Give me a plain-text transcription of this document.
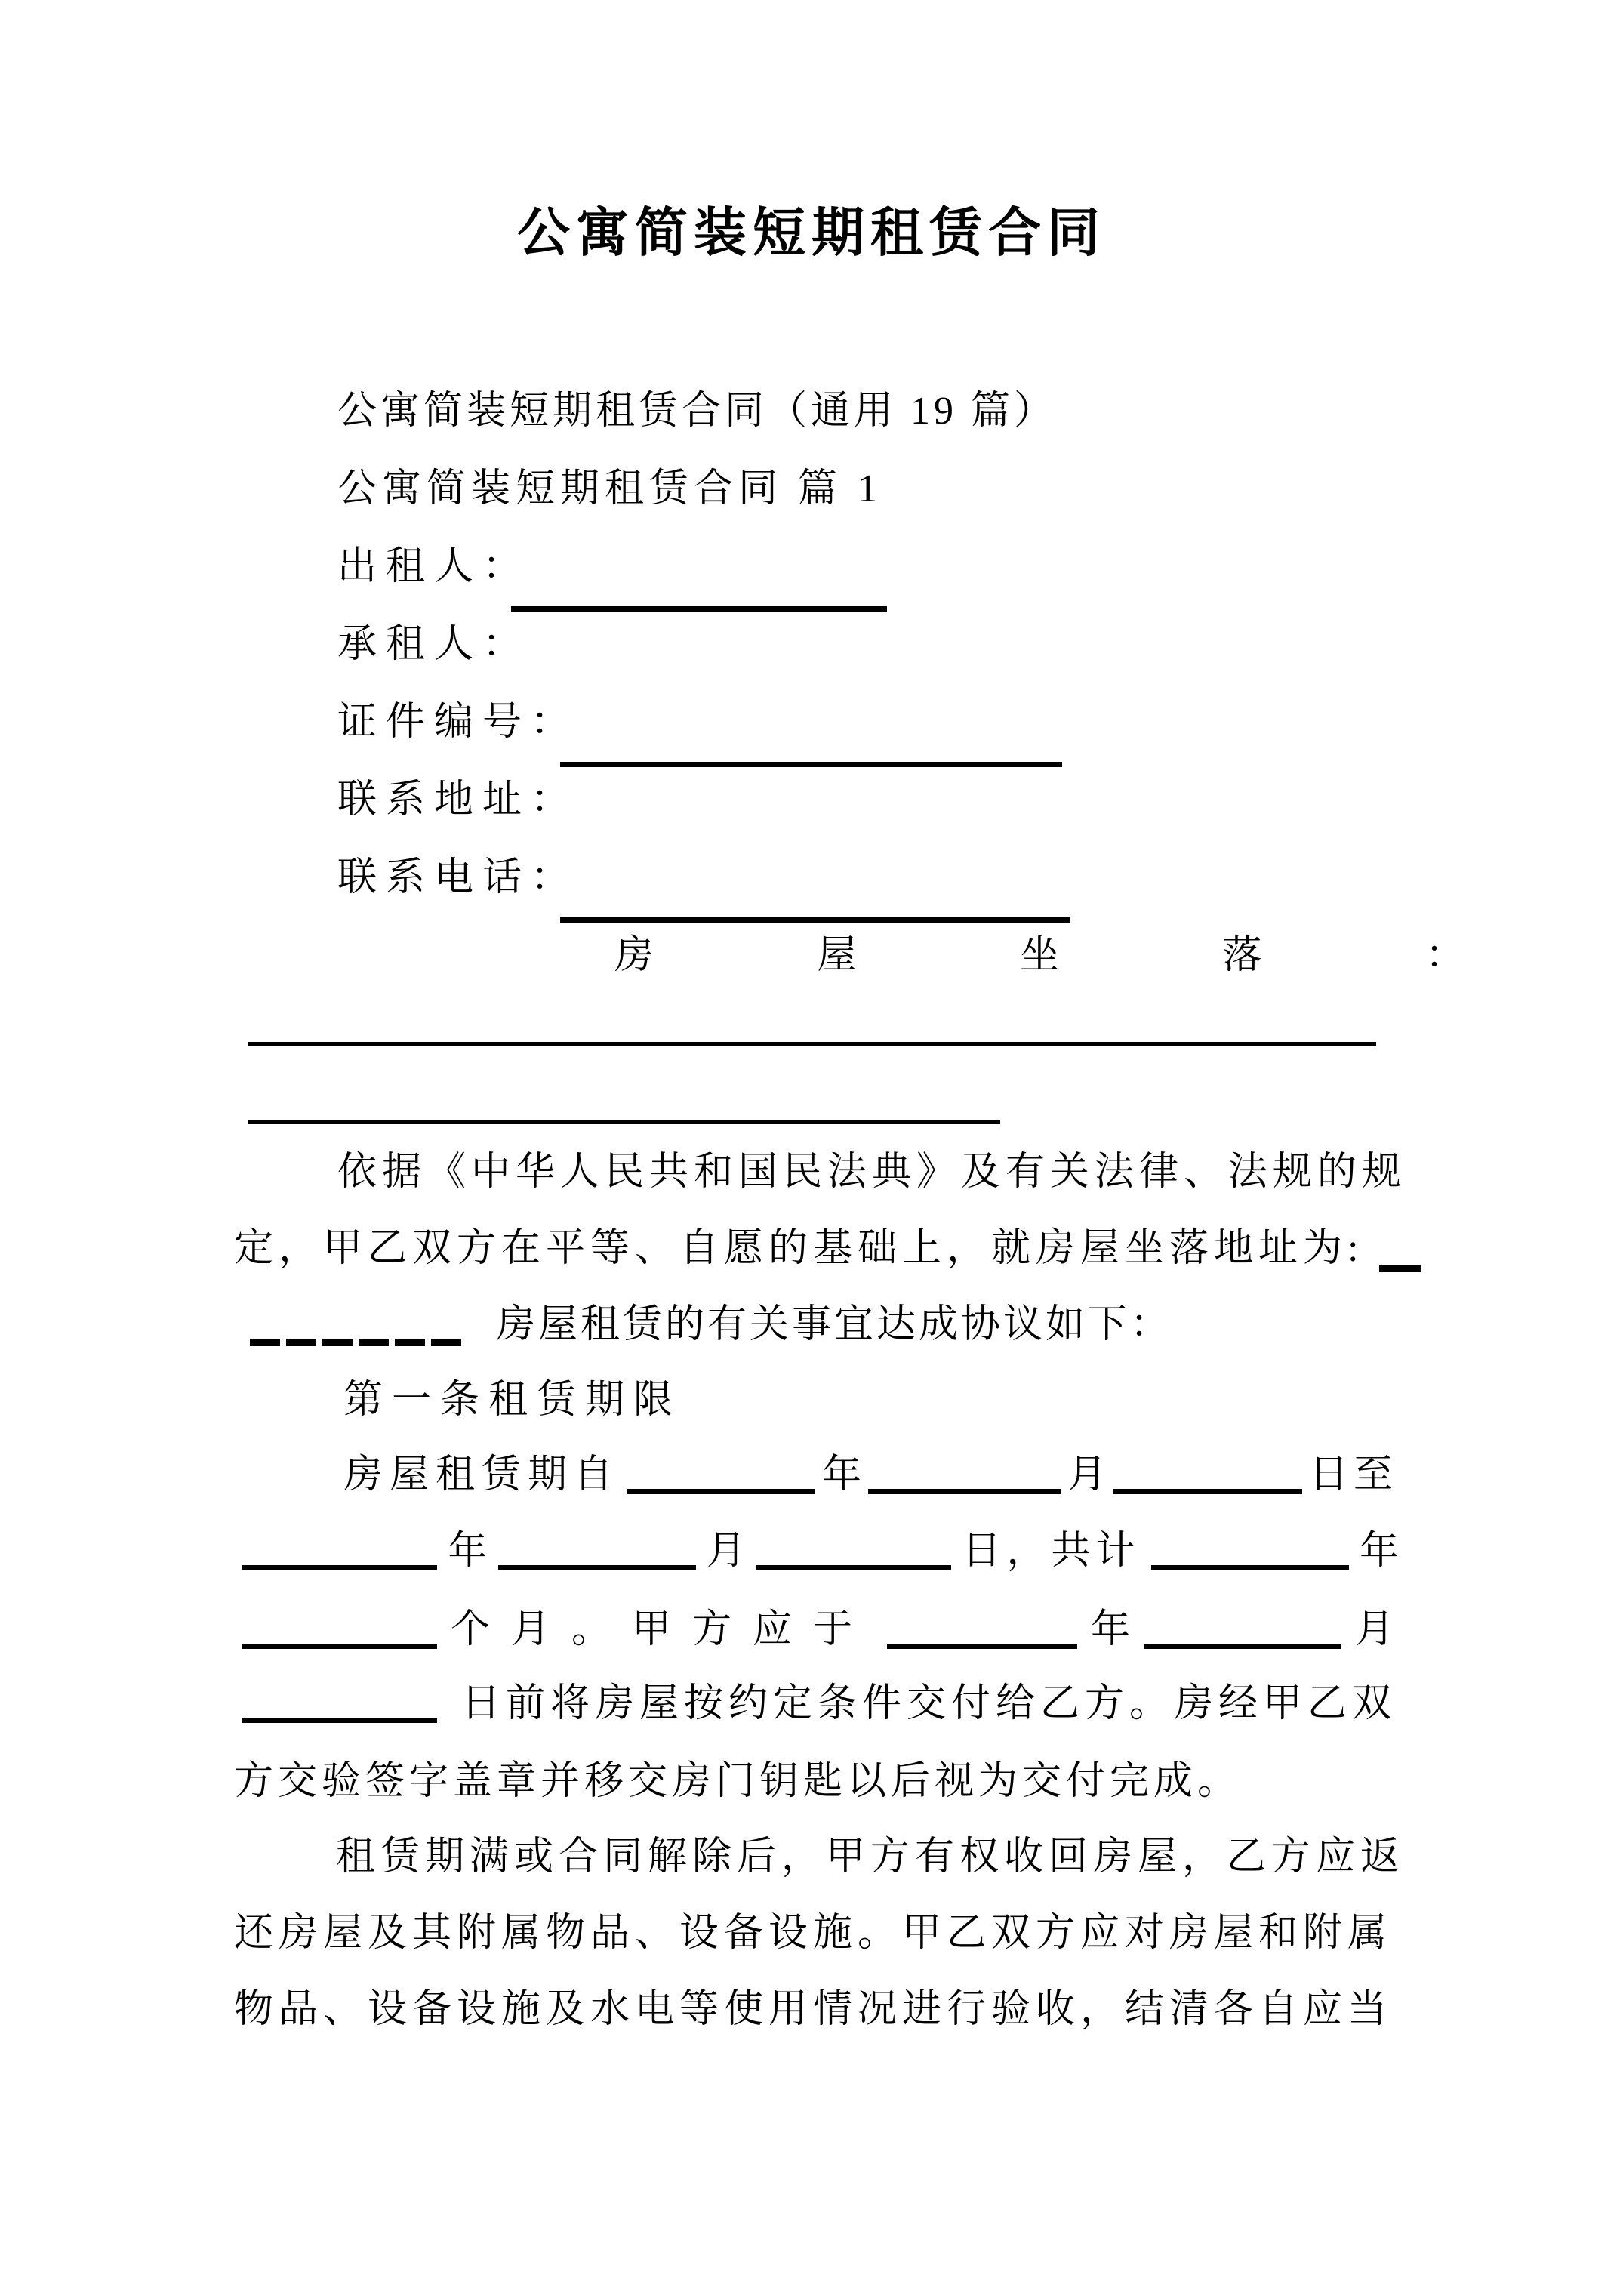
公寓简装短期租赁合同
公寓简装短期租赁合同（通用 19 篇）
公寓简装短期租赁合同 篇 1
出租人：
承租人：
证件编号：
联系地址：
联系电话：
房	屋	坐	落	：
依据《中华人民共和国民法典》及有关法律、法规的规
定，甲乙双方在平等、自愿的基础上，就房屋坐落地址为:
房屋租赁的有关事宜达成协议如下：
第一条租赁期限
房屋租赁期自	年	月	日至
年	月	日，共计	年
个月。甲方应于	年	月
日前将房屋按约定条件交付给乙方。房经甲乙双
方交验签字盖章并移交房门钥匙以后视为交付完成。
租赁期满或合同解除后，甲方有权收回房屋，乙方应返
还房屋及其附属物品、设备设施。甲乙双方应对房屋和附属
物品、设备设施及水电等使用情况进行验收，结清各自应当
